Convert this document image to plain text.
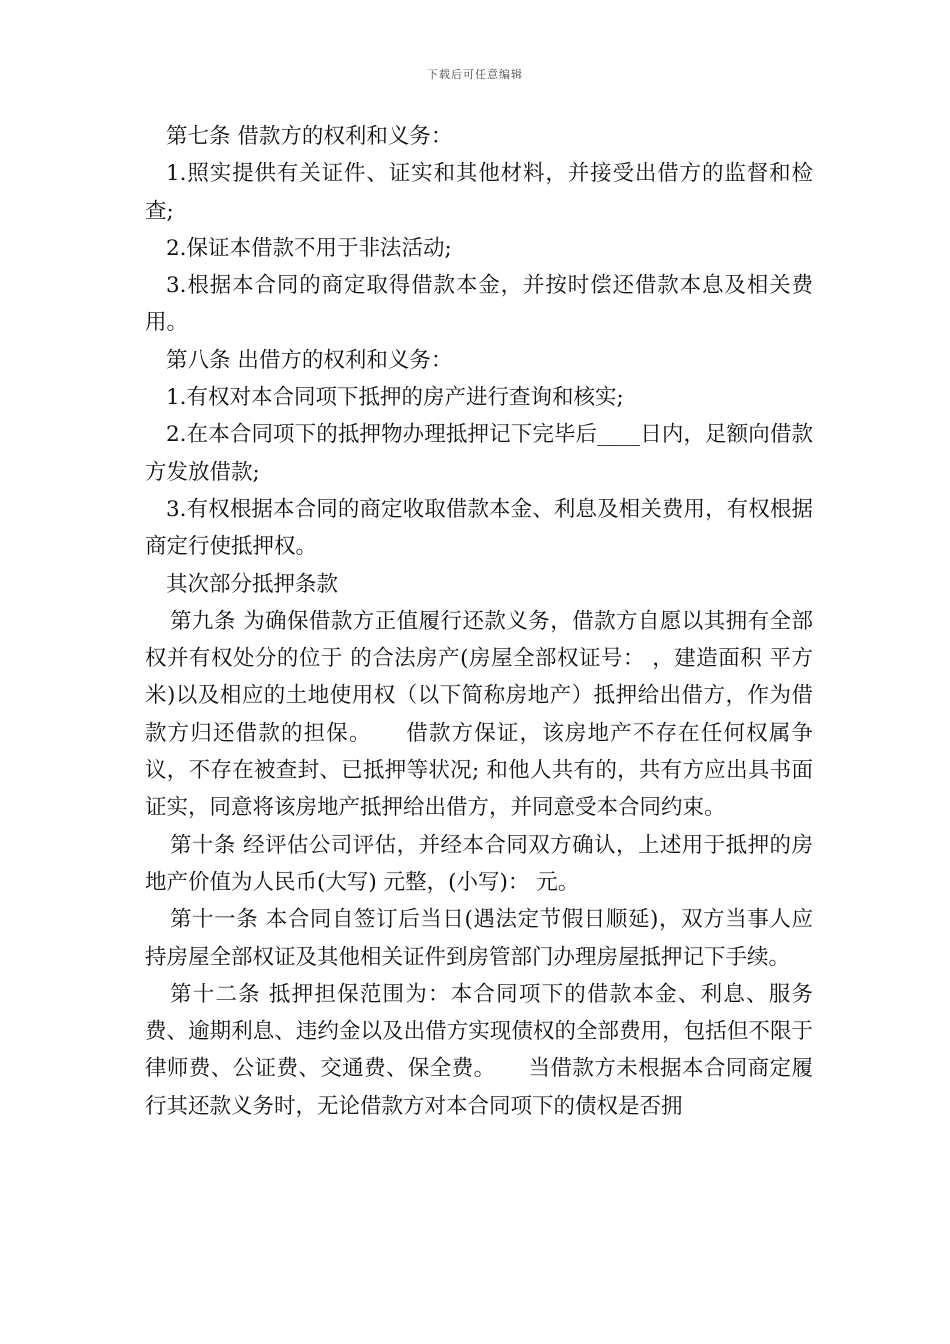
下载后可任意编辑

第七条 借款方的权利和义务：

1.照实提供有关证件、证实和其他材料，并接受出借方的监督和检查;

2.保证本借款不用于非法活动;

3.根据本合同的商定取得借款本金，并按时偿还借款本息及相关费用。

第八条 出借方的权利和义务：

1.有权对本合同项下抵押的房产进行查询和核实;

2.在本合同项下的抵押物办理抵押记下完毕后____日内，足额向借款方发放借款;

3.有权根据本合同的商定收取借款本金、利息及相关费用，有权根据商定行使抵押权。

其次部分抵押条款

第九条 为确保借款方正值履行还款义务，借款方自愿以其拥有全部权并有权处分的位于 的合法房产(房屋全部权证号： ，建造面积 平方米)以及相应的土地使用权（以下简称房地产）抵押给出借方，作为借款方归还借款的担保。　　借款方保证，该房地产不存在任何权属争议，不存在被查封、已抵押等状况; 和他人共有的，共有方应出具书面证实，同意将该房地产抵押给出借方，并同意受本合同约束。

第十条 经评估公司评估，并经本合同双方确认，上述用于抵押的房地产价值为人民币(大写) 元整，(小写)： 元。

第十一条 本合同自签订后当日(遇法定节假日顺延)，双方当事人应持房屋全部权证及其他相关证件到房管部门办理房屋抵押记下手续。

第十二条 抵押担保范围为：本合同项下的借款本金、利息、服务费、逾期利息、违约金以及出借方实现债权的全部费用，包括但不限于律师费、公证费、交通费、保全费。　　当借款方未根据本合同商定履行其还款义务时，无论借款方对本合同项下的债权是否拥
